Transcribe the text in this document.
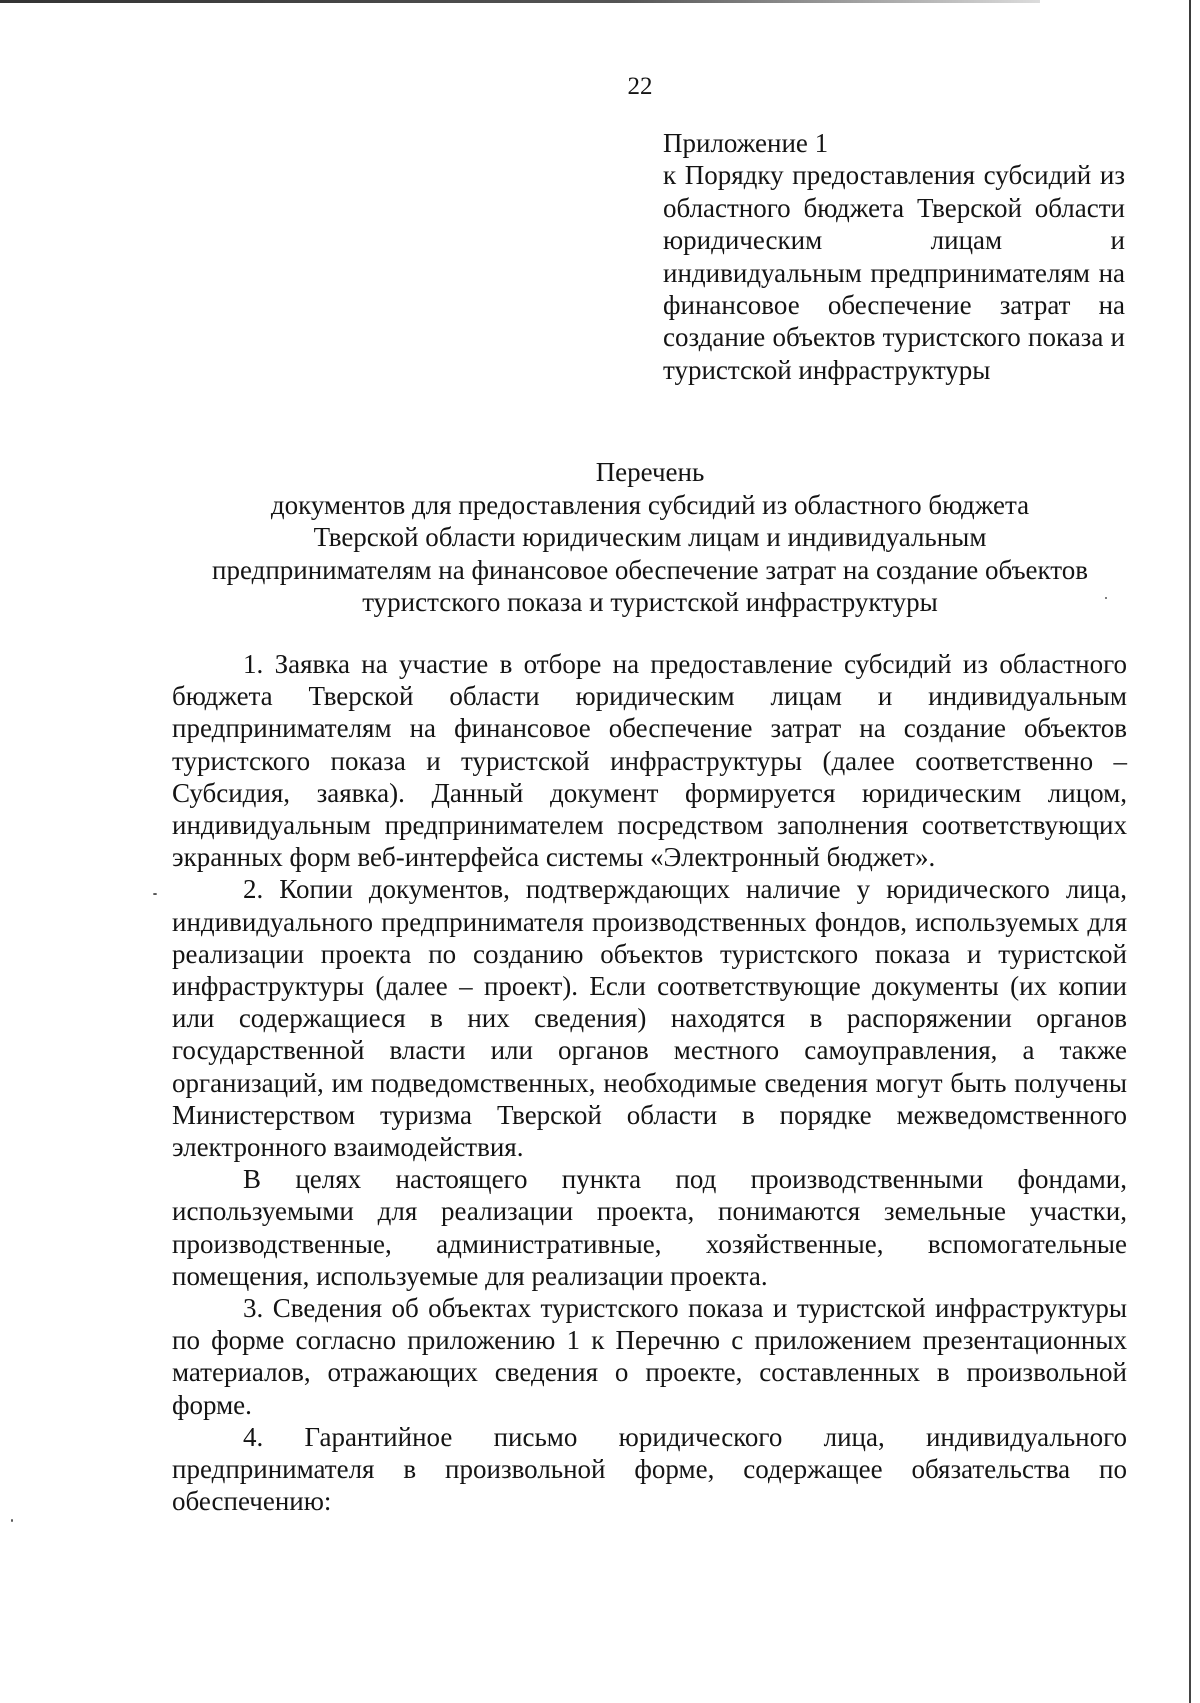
22

Приложение 1

к Порядку предоставления субсидий из областного бюджета Тверской области юридическим лицам и индивидуальным предпринимателям на финансовое обеспечение затрат на создание объектов туристского показа и туристской инфраструктуры

Перечень
документов для предоставления субсидий из областного бюджета
Тверской области юридическим лицам и индивидуальным
предпринимателям на финансовое обеспечение затрат на создание объектов
туристского показа и туристской инфраструктуры

1. Заявка на участие в отборе на предоставление субсидий из областного бюджета Тверской области юридическим лицам и индивидуальным предпринимателям на финансовое обеспечение затрат на создание объектов туристского показа и туристской инфраструктуры (далее соответственно – Субсидия, заявка). Данный документ формируется юридическим лицом, индивидуальным предпринимателем посредством заполнения соответствующих экранных форм веб-интерфейса системы «Электронный бюджет».

2. Копии документов, подтверждающих наличие у юридического лица, индивидуального предпринимателя производственных фондов, используемых для реализации проекта по созданию объектов туристского показа и туристской инфраструктуры (далее – проект). Если соответствующие документы (их копии или содержащиеся в них сведения) находятся в распоряжении органов государственной власти или органов местного самоуправления, а также организаций, им подведомственных, необходимые сведения могут быть получены Министерством туризма Тверской области в порядке межведомственного электронного взаимодействия.

В целях настоящего пункта под производственными фондами, используемыми для реализации проекта, понимаются земельные участки, производственные, административные, хозяйственные, вспомогательные помещения, используемые для реализации проекта.

3. Сведения об объектах туристского показа и туристской инфраструктуры по форме согласно приложению 1 к Перечню с приложением презентационных материалов, отражающих сведения о проекте, составленных в произвольной форме.

4. Гарантийное письмо юридического лица, индивидуального предпринимателя в произвольной форме, содержащее обязательства по обеспечению:
